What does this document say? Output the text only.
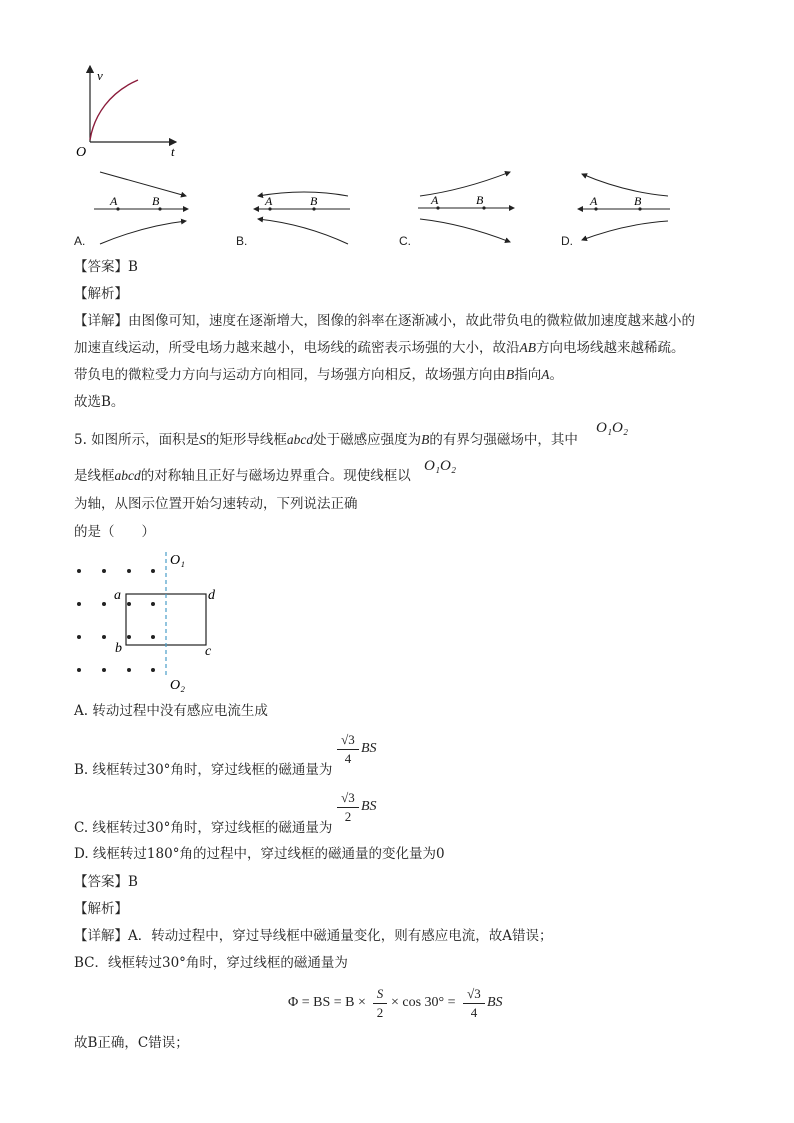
v
t
O
A	B
A.
A	B
B.
A	B
C.
A	B
D.
【答案】B
【解析】
【详解】由图像可知，速度在逐渐增大，图像的斜率在逐渐减小，故此带负电的微粒做加速度越来越小的
加速直线运动，所受电场力越来越小，电场线的疏密表示场强的大小，故沿AB方向电场线越来越稀疏。
带负电的微粒受力方向与运动方向相同，与场强方向相反，故场强方向由B指向A。
故选B。
5. 如图所示，面积是S的矩形导线框abcd处于磁感应强度为B的有界匀强磁场中，其中
O₁O₂
是线框abcd的对称轴且正好与磁场边界重合。现使线框以
O₁O₂
为轴，从图示位置开始匀速转动，下列说法正确
的是（　　）
O₁
O₂
a	d
b	c
A. 转动过程中没有感应电流生成
B. 线框转过30°角时，穿过线框的磁通量为
$\frac{√3}{4}$ BS
C. 线框转过30°角时，穿过线框的磁通量为
$\frac{√3}{2}$ BS
D. 线框转过180°角的过程中，穿过线框的磁通量的变化量为0
【答案】B
【解析】
【详解】A．转动过程中，穿过导线框中磁通量变化，则有感应电流，故A错误；
BC．线框转过30°角时，穿过线框的磁通量为
Φ = BS = $B \times \frac{S}{2} \times \cos 30^\circ = \frac{√3}{4}$ BS
故B正确，C错误；
